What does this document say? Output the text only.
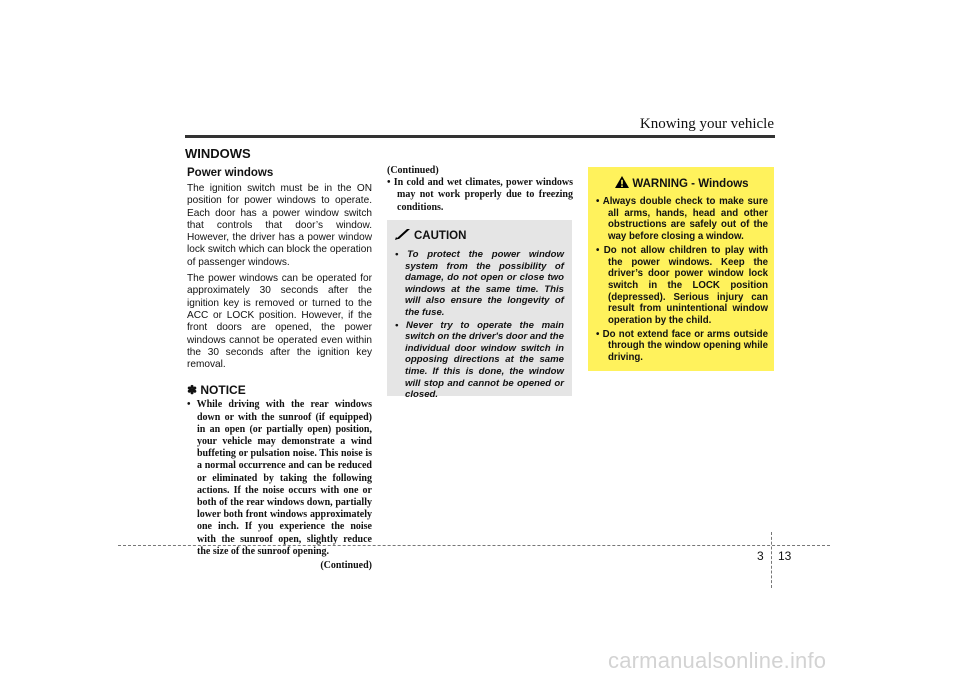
Knowing your vehicle
WINDOWS
Power windows

The ignition switch must be in the ON position for power windows to operate. Each door has a power window switch that controls that door’s window. However, the driver has a power window lock switch which can block the operation of passenger windows.

The power windows can be operated for approximately 30 seconds after the ignition key is removed or turned to the ACC or LOCK position. However, if the front doors are opened, the power windows cannot be operated even within the 30 seconds after the ignition key removal.

✽ NOTICE
• While driving with the rear windows down or with the sunroof (if equipped) in an open (or partially open) position, your vehicle may demonstrate a wind buffeting or pulsation noise. This noise is a normal occurrence and can be reduced or eliminated by taking the following actions. If the noise occurs with one or both of the rear windows down, partially lower both front windows approximately one inch. If you experience the noise with the sunroof open, slightly reduce the size of the sunroof opening.
(Continued)
(Continued)
• In cold and wet climates, power windows may not work properly due to freezing conditions.
CAUTION
• To protect the power window system from the possibility of damage, do not open or close two windows at the same time. This will also ensure the longevity of the fuse.
• Never try to operate the main switch on the driver's door and the individual door window switch in opposing directions at the same time. If this is done, the window will stop and cannot be opened or closed.
WARNING - Windows
• Always double check to make sure all arms, hands, head and other obstructions are safely out of the way before closing a window.
• Do not allow children to play with the power windows. Keep the driver’s door power window lock switch in the LOCK position (depressed). Serious injury can result from unintentional window operation by the child.
• Do not extend face or arms outside through the window opening while driving.
3 13
carmanualsonline.info
